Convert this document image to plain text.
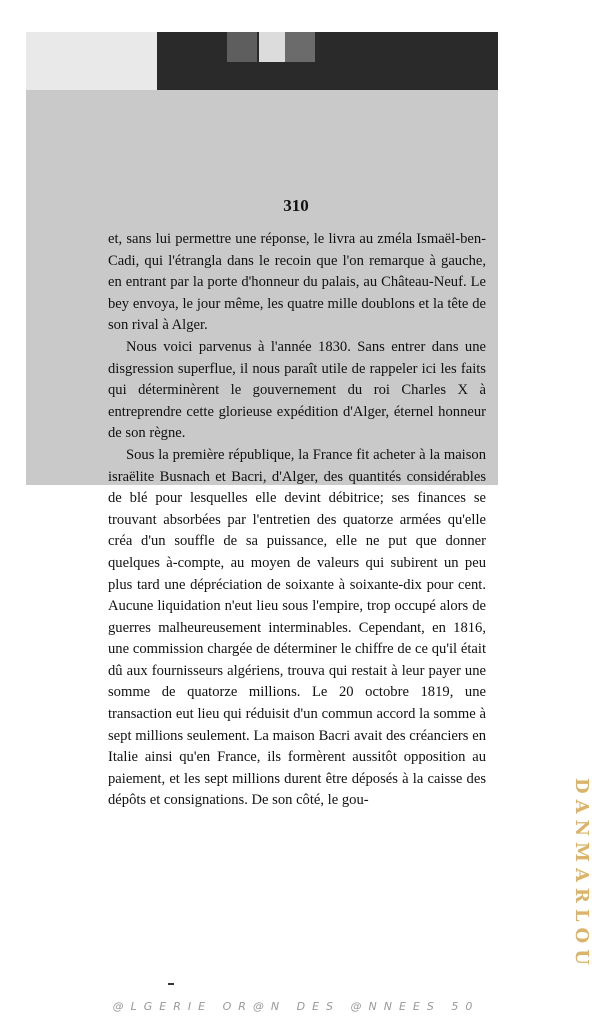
310

et, sans lui permettre une réponse, le livra au zméla Ismaël-ben-Cadi, qui l'étrangla dans le recoin que l'on remarque à gauche, en entrant par la porte d'honneur du palais, au Château-Neuf. Le bey envoya, le jour même, les quatre mille doublons et la tête de son rival à Alger.

Nous voici parvenus à l'année 1830. Sans entrer dans une disgression superflue, il nous paraît utile de rappeler ici les faits qui déterminèrent le gouvernement du roi Charles X à entreprendre cette glorieuse expédition d'Alger, éternel honneur de son règne.

Sous la première république, la France fit acheter à la maison israëlite Busnach et Bacri, d'Alger, des quantités considérables de blé pour lesquelles elle devint débitrice; ses finances se trouvant absorbées par l'entretien des quatorze armées qu'elle créa d'un souffle de sa puissance, elle ne put que donner quelques à-compte, au moyen de valeurs qui subirent un peu plus tard une dépréciation de soixante à soixante-dix pour cent. Aucune liquidation n'eut lieu sous l'empire, trop occupé alors de guerres malheureusement interminables. Cependant, en 1816, une commission chargée de déterminer le chiffre de ce qu'il était dû aux fournisseurs algériens, trouva qui restait à leur payer une somme de quatorze millions. Le 20 octobre 1819, une transaction eut lieu qui réduisit d'un commun accord la somme à sept millions seulement. La maison Bacri avait des créanciers en Italie ainsi qu'en France, ils formèrent aussitôt opposition au paiement, et les sept millions durent être déposés à la caisse des dépôts et consignations. De son côté, le gou-	DANMARLOU
@LGERIE OR@N DES @NNEES 50
